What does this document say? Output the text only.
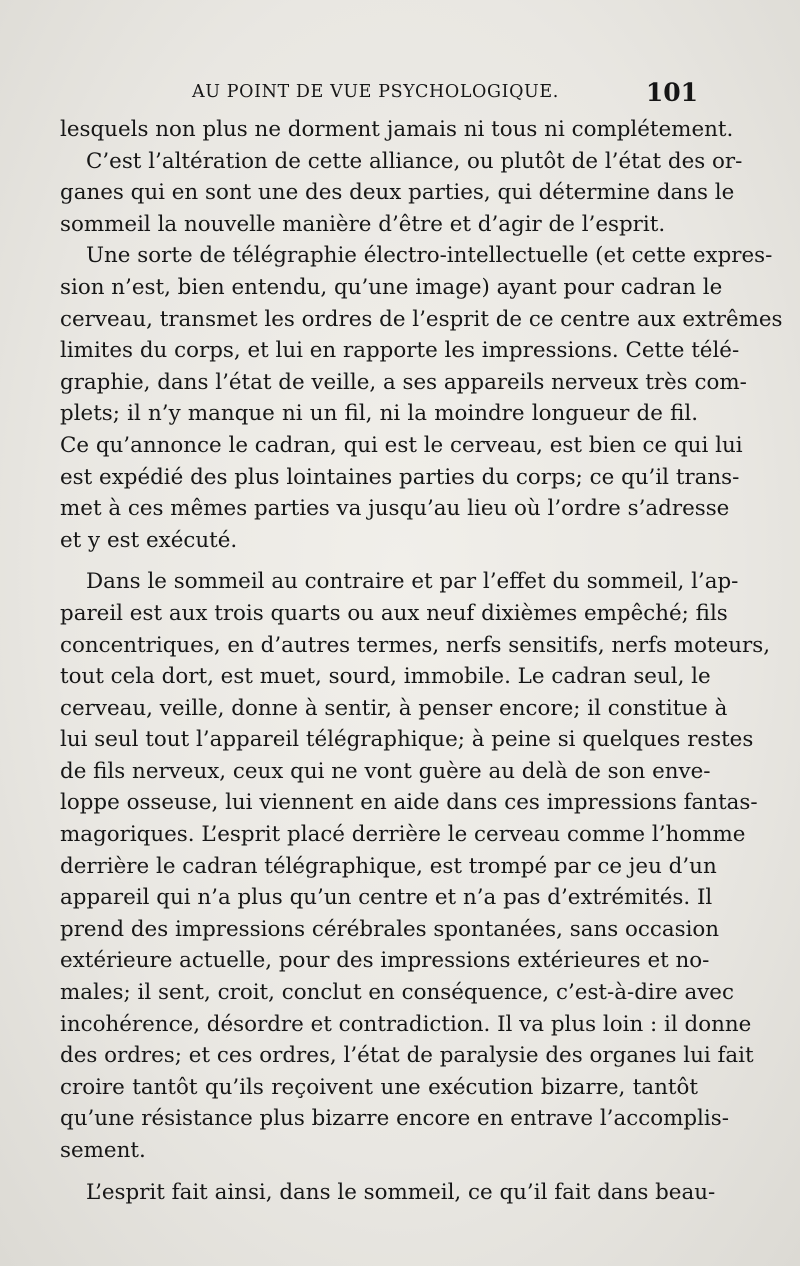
AU POINT DE VUE PSYCHOLOGIQUE.	101
lesquels non plus ne dorment jamais ni tous ni complétement.
C’est l’altération de cette alliance, ou plutôt de l’état des or-
ganes qui en sont une des deux parties, qui détermine dans le
sommeil la nouvelle manière d’être et d’agir de l’esprit.
Une sorte de télégraphie électro-intellectuelle (et cette expres-
sion n’est, bien entendu, qu’une image) ayant pour cadran le
cerveau, transmet les ordres de l’esprit de ce centre aux extrêmes
limites du corps, et lui en rapporte les impressions. Cette télé-
graphie, dans l’état de veille, a ses appareils nerveux très com-
plets; il n’y manque ni un fil, ni la moindre longueur de fil.
Ce qu’annonce le cadran, qui est le cerveau, est bien ce qui lui
est expédié des plus lointaines parties du corps; ce qu’il trans-
met à ces mêmes parties va jusqu’au lieu où l’ordre s’adresse
et y est exécuté.
Dans le sommeil au contraire et par l’effet du sommeil, l’ap-
pareil est aux trois quarts ou aux neuf dixièmes empêché; fils
concentriques, en d’autres termes, nerfs sensitifs, nerfs moteurs,
tout cela dort, est muet, sourd, immobile. Le cadran seul, le
cerveau, veille, donne à sentir, à penser encore; il constitue à
lui seul tout l’appareil télégraphique; à peine si quelques restes
de fils nerveux, ceux qui ne vont guère au delà de son enve-
loppe osseuse, lui viennent en aide dans ces impressions fantas-
magoriques. L’esprit placé derrière le cerveau comme l’homme
derrière le cadran télégraphique, est trompé par ce jeu d’un
appareil qui n’a plus qu’un centre et n’a pas d’extrémités. Il
prend des impressions cérébrales spontanées, sans occasion
extérieure actuelle, pour des impressions extérieures et no-
males; il sent, croit, conclut en conséquence, c’est-à-dire avec
incohérence, désordre et contradiction. Il va plus loin : il donne
des ordres; et ces ordres, l’état de paralysie des organes lui fait
croire tantôt qu’ils reçoivent une exécution bizarre, tantôt
qu’une résistance plus bizarre encore en entrave l’accomplis-
sement.
L’esprit fait ainsi, dans le sommeil, ce qu’il fait dans beau-
